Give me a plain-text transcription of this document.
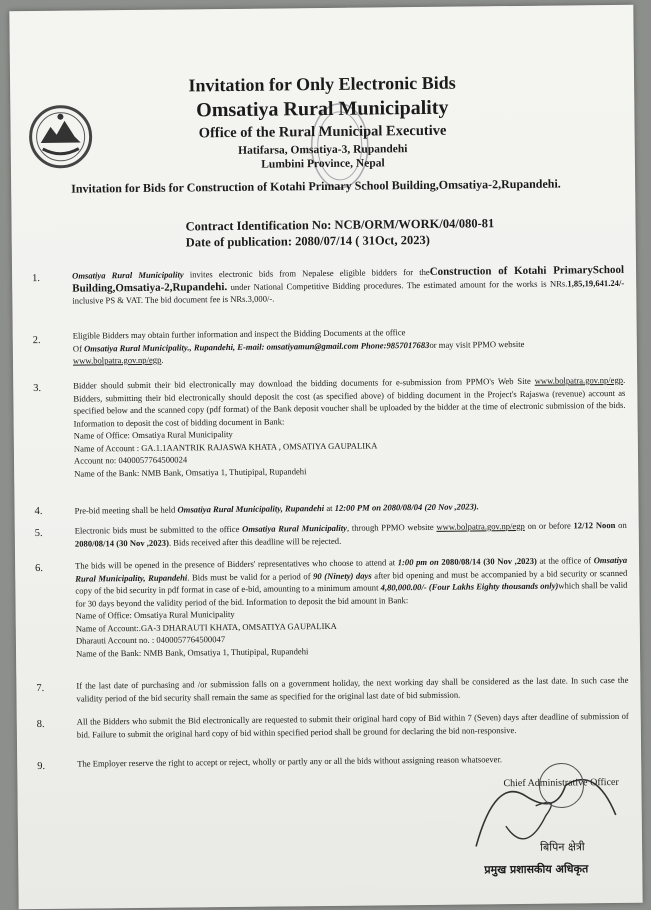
Invitation for Only Electronic Bids
Omsatiya Rural Municipality
Office of the Rural Municipal Executive
Hatifarsa, Omsatiya-3, Rupandehi
Lumbini Province, Nepal
Invitation for Bids for Construction of Kotahi Primary School Building,Omsatiya-2,Rupandehi.
Contract Identification No: NCB/ORM/WORK/04/080-81
Date of publication: 2080/07/14 ( 31Oct, 2023)
1.	Omsatiya Rural Municipality invites electronic bids from Nepalese eligible bidders for theConstruction of Kotahi PrimarySchool Building,Omsatiya-2,Rupandehi. under National Competitive Bidding procedures. The estimated amount for the works is NRs.1,85,19,641.24/- inclusive PS & VAT. The bid document fee is NRs.3,000/-.
2.	Eligible Bidders may obtain further information and inspect the Bidding Documents at the office
Of Omsatiya Rural Municipality., Rupandehi, E-mail: omsatiyamun@gmail.com Phone:9857017683or may visit PPMO website
www.bolpatra.gov.np/egp.
3.	Bidder should submit their bid electronically may download the bidding documents for e-submission from PPMO's Web Site www.bolpatra.gov.np/egp. Bidders, submitting their bid electronically should deposit the cost (as specified above) of bidding document in the Project's Rajaswa (revenue) account as specified below and the scanned copy (pdf format) of the Bank deposit voucher shall be uploaded by the bidder at the time of electronic submission of the bids. Information to deposit the cost of bidding document in Bank:
Name of Office: Omsatiya Rural Municipality
Name of Account : GA.1.1AANTRIK RAJASWA KHATA , OMSATIYA GAUPALIKA
Account no: 0400057764500024
Name of the Bank: NMB Bank, Omsatiya 1, Thutipipal, Rupandehi
4.	Pre-bid meeting shall be held Omsatiya Rural Municipality, Rupandehi at 12:00 PM on 2080/08/04 (20 Nov ,2023).
5.	Electronic bids must be submitted to the office Omsatiya Rural Municipality, through PPMO website www.bolpatra.gov.np/egp on or before 12/12 Noon on 2080/08/14 (30 Nov ,2023). Bids received after this deadline will be rejected.
6.	The bids will be opened in the presence of Bidders' representatives who choose to attend at 1:00 pm on 2080/08/14 (30 Nov ,2023) at the office of Omsatiya Rural Municipality, Rupandehi. Bids must be valid for a period of 90 (Ninety) days after bid opening and must be accompanied by a bid security or scanned copy of the bid security in pdf format in case of e-bid, amounting to a minimum amount 4,80,000.00/- (Four Lakhs Eighty thousands only)which shall be valid for 30 days beyond the validity period of the bid. Information to deposit the bid amount in Bank:
Name of Office: Omsatiya Rural Municipality
Name of Account:.GA-3 DHARAUTI KHATA, OMSATIYA GAUPALIKA
Dharauti Account no. : 0400057764500047
Name of the Bank: NMB Bank, Omsatiya 1, Thutipipal, Rupandehi
7.	If the last date of purchasing and /or submission falls on a government holiday, the next working day shall be considered as the last date. In such case the validity period of the bid security shall remain the same as specified for the original last date of bid submission.
8.	All the Bidders who submit the Bid electronically are requested to submit their original hard copy of Bid within 7 (Seven) days after deadline of submission of bid. Failure to submit the original hard copy of bid within specified period shall be ground for declaring the bid non-responsive.
9.	The Employer reserve the right to accept or reject, wholly or partly any or all the bids without assigning reason whatsoever.
Chief Administrative Officer
बिपिन क्षेत्री
प्रमुख प्रशासकीय अधिकृत
